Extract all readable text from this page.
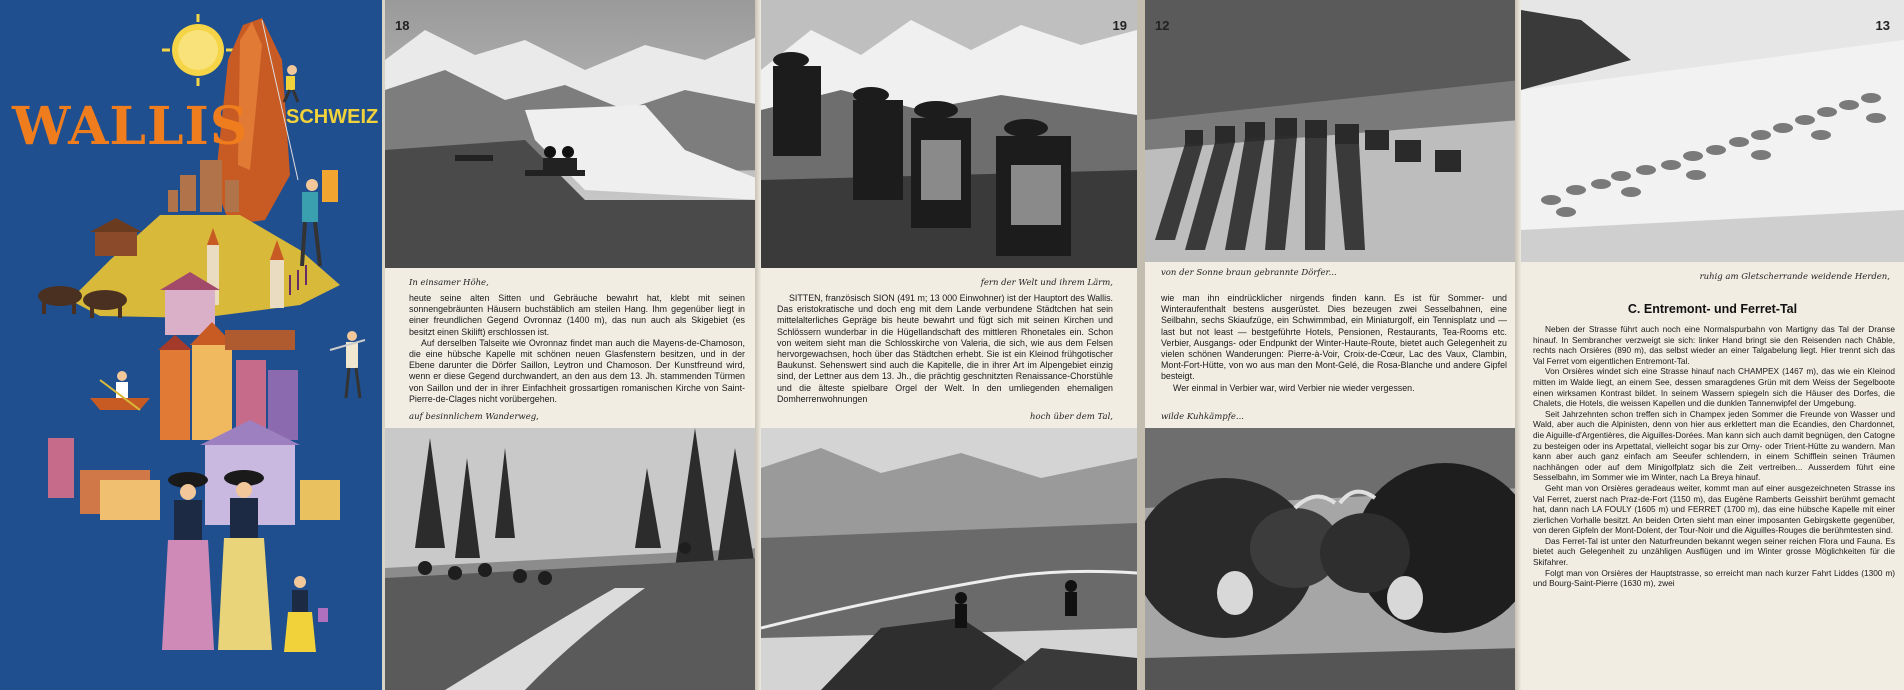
WALLIS SCHWEIZ
18
In einsamer Höhe,

heute seine alten Sitten und Gebräuche bewahrt hat, klebt mit seinen sonnengebräunten Häusern buchstäblich am steilen Hang. Ihm gegenüber liegt in einer freundlichen Gegend Ovronnaz (1400 m), das nun auch als Skigebiet (es besitzt einen Skilift) erschlossen ist.

Auf derselben Talseite wie Ovronnaz findet man auch die Mayens-de-Chamoson, die eine hübsche Kapelle mit schönen neuen Glasfenstern besitzen, und in der Ebene darunter die Dörfer Saillon, Leytron und Chamoson. Der Kunstfreund wird, wenn er diese Gegend durchwandert, an den aus dem 13. Jh. stammenden Türmen von Saillon und der in ihrer Einfachheit grossartigen romanischen Kirche von Saint-Pierre-de-Clages nicht vorübergehen.

auf besinnlichem Wanderweg,
19
fern der Welt und ihrem Lärm,

SITTEN, französisch SION (491 m; 13 000 Einwohner) ist der Hauptort des Wallis. Das eristokratische und doch eng mit dem Lande verbundene Städtchen hat sein mittelalterliches Gepräge bis heute bewahrt und fügt sich mit seinen Kirchen und Schlössern wunderbar in die Hügellandschaft des mittleren Rhonetales ein. Schon von weitem sieht man die Schlosskirche von Valeria, die sich, wie aus dem Felsen hervorgewachsen, hoch über das Städtchen erhebt. Sie ist ein Kleinod frühgotischer Baukunst. Sehenswert sind auch die Kapitelle, die in ihrer Art im Alpengebiet einzig sind, der Lettner aus dem 13. Jh., die prächtig geschnitzten Renaissance-Chorstühle und die älteste spielbare Orgel der Welt. In den umliegenden ehemaligen Domherrenwohnungen

hoch über dem Tal,
12
von der Sonne braun gebrannte Dörfer...

wie man ihn eindrücklicher nirgends finden kann. Es ist für Sommer- und Winteraufenthalt bestens ausgerüstet. Dies bezeugen zwei Sesselbahnen, eine Seilbahn, sechs Skiaufzüge, ein Schwimmbad, ein Miniaturgolf, ein Tennisplatz und — last but not least — bestgeführte Hotels, Pensionen, Restaurants, Tea-Rooms etc. Verbier, Ausgangs- oder Endpunkt der Winter-Haute-Route, bietet auch Gelegenheit zu vielen schönen Wanderungen: Pierre-à-Voir, Croix-de-Cœur, Lac des Vaux, Clambin, Mont-Fort-Hütte, von wo aus man den Mont-Gelé, die Rosa-Blanche und andere Gipfel besteigt.

Wer einmal in Verbier war, wird Verbier nie wieder vergessen.

wilde Kuhkämpfe...
13
ruhig am Gletscherrande weidende Herden,
C. Entremont- und Ferret-Tal

Neben der Strasse führt auch noch eine Normalspurbahn von Martigny das Tal der Dranse hinauf. In Sembrancher verzweigt sie sich: linker Hand bringt sie den Reisenden nach Châble, rechts nach Orsières (890 m), das selbst wieder an einer Talgabelung liegt. Hier trennt sich das Val Ferret vom eigentlichen Entremont-Tal.

Von Orsières windet sich eine Strasse hinauf nach CHAMPEX (1467 m), das wie ein Kleinod mitten im Walde liegt, an einem See, dessen smaragdenes Grün mit dem Weiss der Segelboote einen wirksamen Kontrast bildet. In seinem Wassern spiegeln sich die Häuser des Dorfes, die Chalets, die Hotels, die weissen Kapellen und die dunklen Tannenwipfel der Umgebung.

Seit Jahrzehnten schon treffen sich in Champex jeden Sommer die Freunde von Wasser und Wald, aber auch die Alpinisten, denn von hier aus erklettert man die Ecandies, den Chardonnet, die Aiguille-d'Argentières, die Aiguilles-Dorées. Man kann sich auch damit begnügen, den Catogne zu besteigen oder ins Arpettatal, vielleicht sogar bis zur Orny- oder Trient-Hütte zu wandern. Man kann aber auch ganz einfach am Seeufer schlendern, in einem Schifflein seinen Träumen nachhängen oder auf dem Minigolfplatz sich die Zeit vertreiben... Ausserdem führt eine Sesselbahn, im Sommer wie im Winter, nach La Breya hinauf.

Geht man von Orsières geradeaus weiter, kommt man auf einer ausgezeichneten Strasse ins Val Ferret, zuerst nach Praz-de-Fort (1150 m), das Eugène Ramberts Geisshirt berühmt gemacht hat, dann nach LA FOULY (1605 m) und FERRET (1700 m), das eine hübsche Kapelle mit einer zierlichen Vorhalle besitzt. An beiden Orten sieht man einer imposanten Gebirgskette gegenüber, von deren Gipfeln der Mont-Dolent, der Tour-Noir und die Aiguilles-Rouges die berühmtesten sind.

Das Ferret-Tal ist unter den Naturfreunden bekannt wegen seiner reichen Flora und Fauna. Es bietet auch Gelegenheit zu unzähligen Ausflügen und im Winter grosse Möglichkeiten für die Skifahrer.

Folgt man von Orsières der Hauptstrasse, so erreicht man nach kurzer Fahrt Liddes (1300 m) und Bourg-Saint-Pierre (1630 m), zwei
